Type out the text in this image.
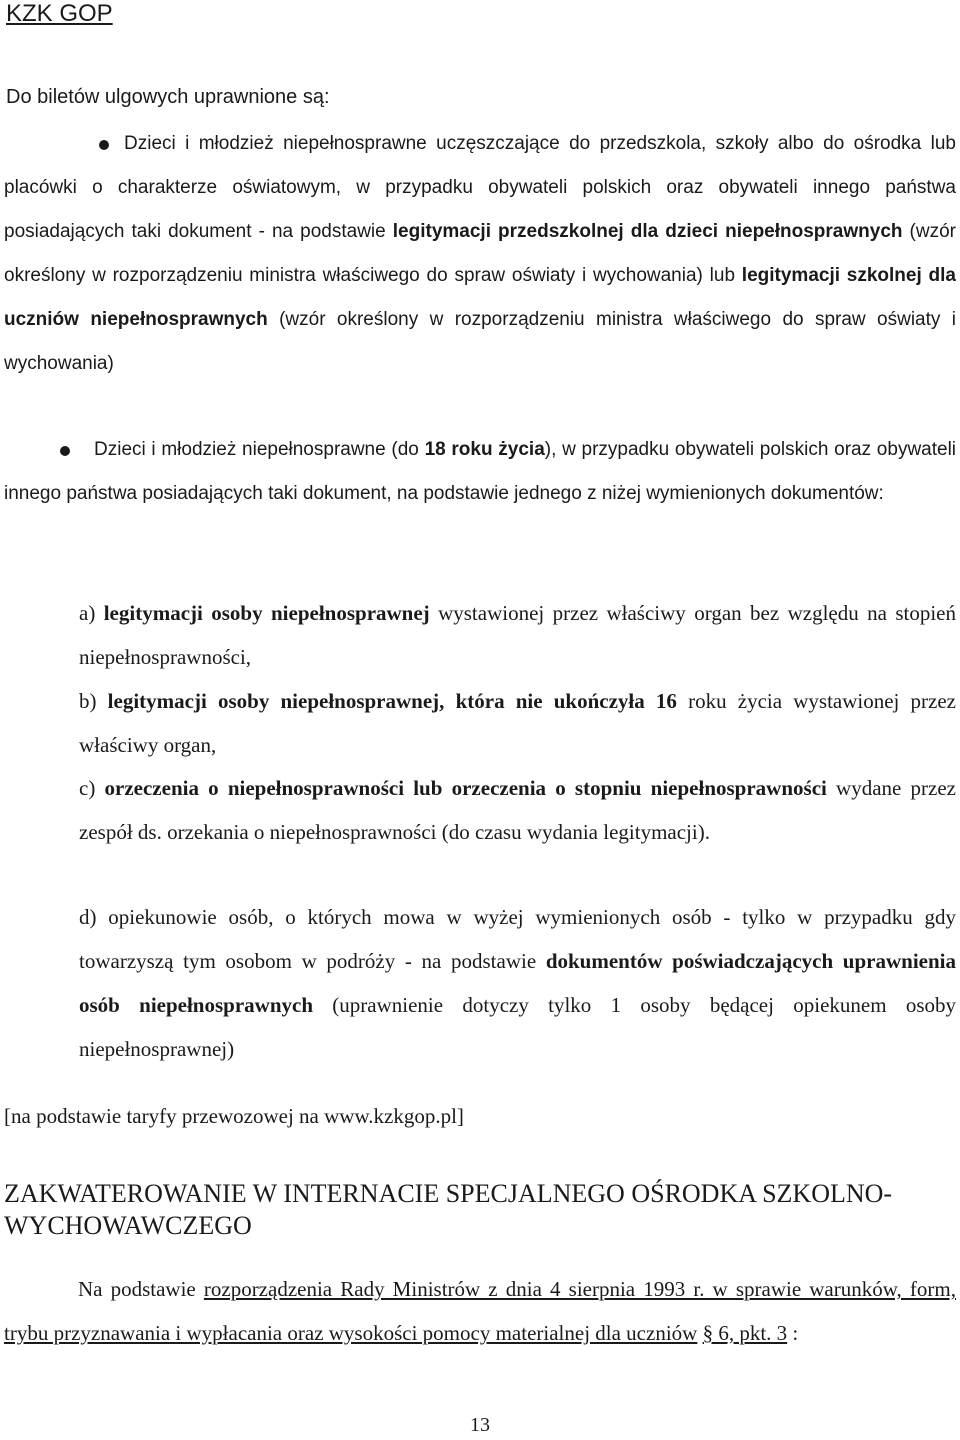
KZK GOP
Do biletów ulgowych uprawnione są:

Dzieci i młodzież niepełnosprawne uczęszczające do przedszkola, szkoły albo do ośrodka lub placówki o charakterze oświatowym, w przypadku obywateli polskich oraz obywateli innego państwa posiadających taki dokument - na podstawie legitymacji przedszkolnej dla dzieci niepełnosprawnych (wzór określony w rozporządzeniu ministra właściwego do spraw oświaty i wychowania) lub legitymacji szkolnej dla uczniów niepełnosprawnych (wzór określony w rozporządzeniu ministra właściwego do spraw oświaty i wychowania)

Dzieci i młodzież niepełnosprawne (do 18 roku życia), w przypadku obywateli polskich oraz obywateli innego państwa posiadających taki dokument, na podstawie jednego z niżej wymienionych dokumentów:

a) legitymacji osoby niepełnosprawnej wystawionej przez właściwy organ bez względu na stopień niepełnosprawności,

b) legitymacji osoby niepełnosprawnej, która nie ukończyła 16 roku życia wystawionej przez właściwy organ,

c) orzeczenia o niepełnosprawności lub orzeczenia o stopniu niepełnosprawności wydane przez zespół ds. orzekania o niepełnosprawności (do czasu wydania legitymacji).

d) opiekunowie osób, o których mowa w wyżej wymienionych osób - tylko w przypadku gdy towarzyszą tym osobom w podróży - na podstawie dokumentów poświadczających uprawnienia osób niepełnosprawnych (uprawnienie dotyczy tylko 1 osoby będącej opiekunem osoby niepełnosprawnej)

[na podstawie taryfy przewozowej na www.kzkgop.pl]
ZAKWATEROWANIE W INTERNACIE SPECJALNEGO OŚRODKA SZKOLNO-WYCHOWAWCZEGO

Na podstawie rozporządzenia Rady Ministrów z dnia 4 sierpnia 1993 r. w sprawie warunków, form, trybu przyznawania i wypłacania oraz wysokości pomocy materialnej dla uczniów § 6, pkt. 3 :

13
